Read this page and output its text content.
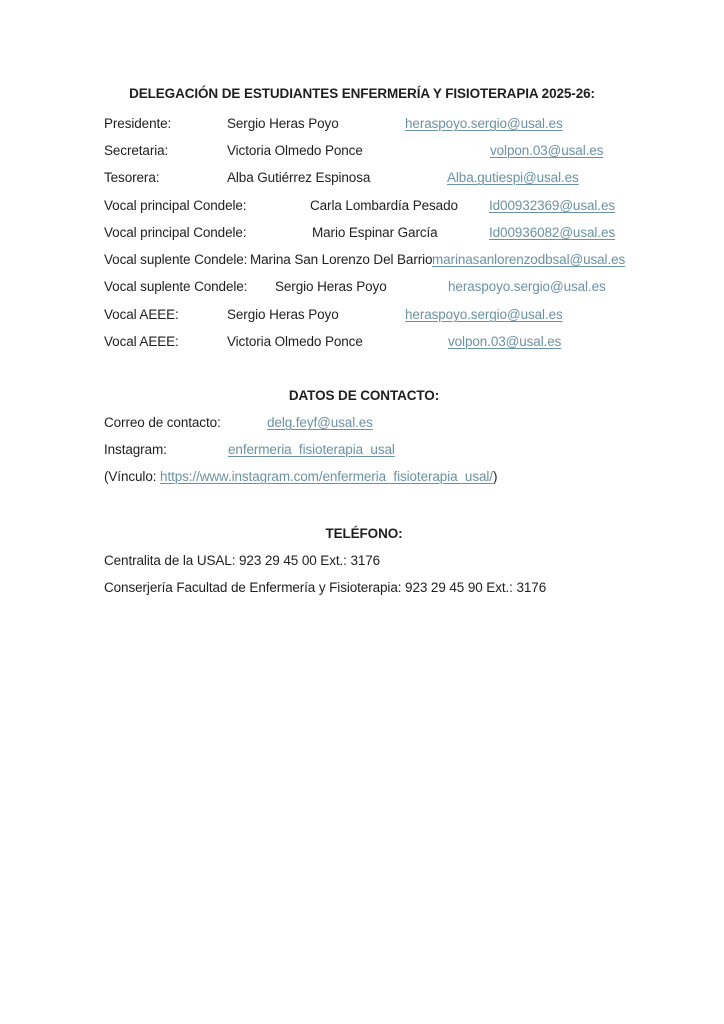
DELEGACIÓN DE ESTUDIANTES ENFERMERÍA Y FISIOTERAPIA 2025-26:
Presidente:	Sergio Heras Poyo	heraspoyo.sergio@usal.es
Secretaria:	Victoria Olmedo Ponce	volpon.03@usal.es
Tesorera:	Alba Gutiérrez Espinosa	Alba.gutiespi@usal.es
Vocal principal Condele:	Carla Lombardía Pesado Id00932369@usal.es
Vocal principal Condele:	Mario Espinar García	Id00936082@usal.es
Vocal suplente Condele: Marina San Lorenzo Del Barrio marinasanlorenzodbsal@usal.es
Vocal suplente Condele: Sergio Heras Poyo	heraspoyo.sergio@usal.es
Vocal AEEE:	Sergio Heras Poyo	heraspoyo.sergio@usal.es
Vocal AEEE:	Victoria Olmedo Ponce	volpon.03@usal.es
DATOS DE CONTACTO:
Correo de contacto:	delg.feyf@usal.es
Instagram:	enfermeria_fisioterapia_usal
(Vínculo: https://www.instagram.com/enfermeria_fisioterapia_usal/)
TELÉFONO:
Centralita de la USAL: 923 29 45 00 Ext.: 3176
Conserjería Facultad de Enfermería y Fisioterapia: 923 29 45 90 Ext.: 3176
